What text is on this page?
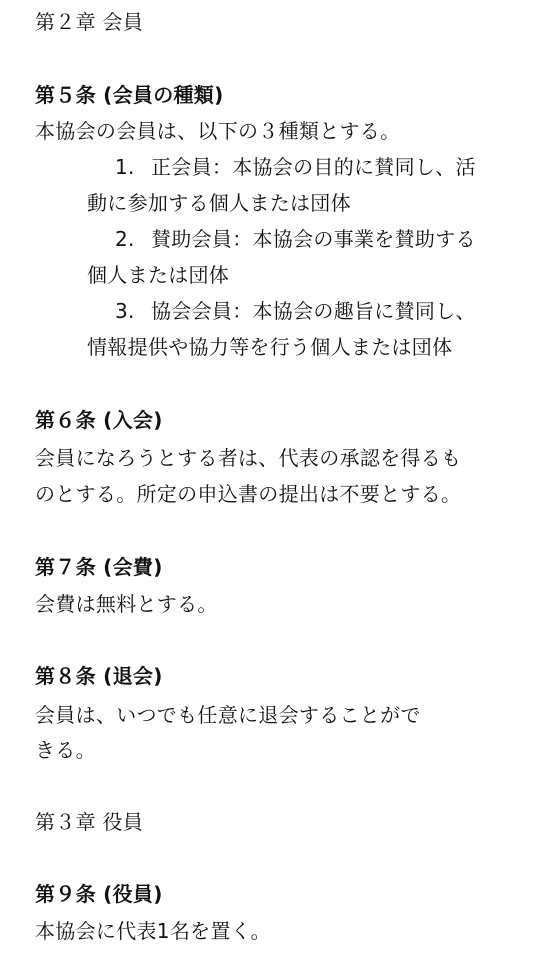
第２章 会員
第５条 (会員の種類)
本協会の会員は、以下の３種類とする。
1. 正会員：本協会の目的に賛同し、活
動に参加する個人または団体
2. 賛助会員：本協会の事業を賛助する
個人または団体
3. 協会会員：本協会の趣旨に賛同し、
情報提供や協力等を行う個人または団体
第６条 (入会)
会員になろうとする者は、代表の承認を得るも
のとする。所定の申込書の提出は不要とする。
第７条 (会費)
会費は無料とする。
第８条 (退会)
会員は、いつでも任意に退会することがで
きる。
第３章 役員
第９条 (役員)
本協会に代表1名を置く。
